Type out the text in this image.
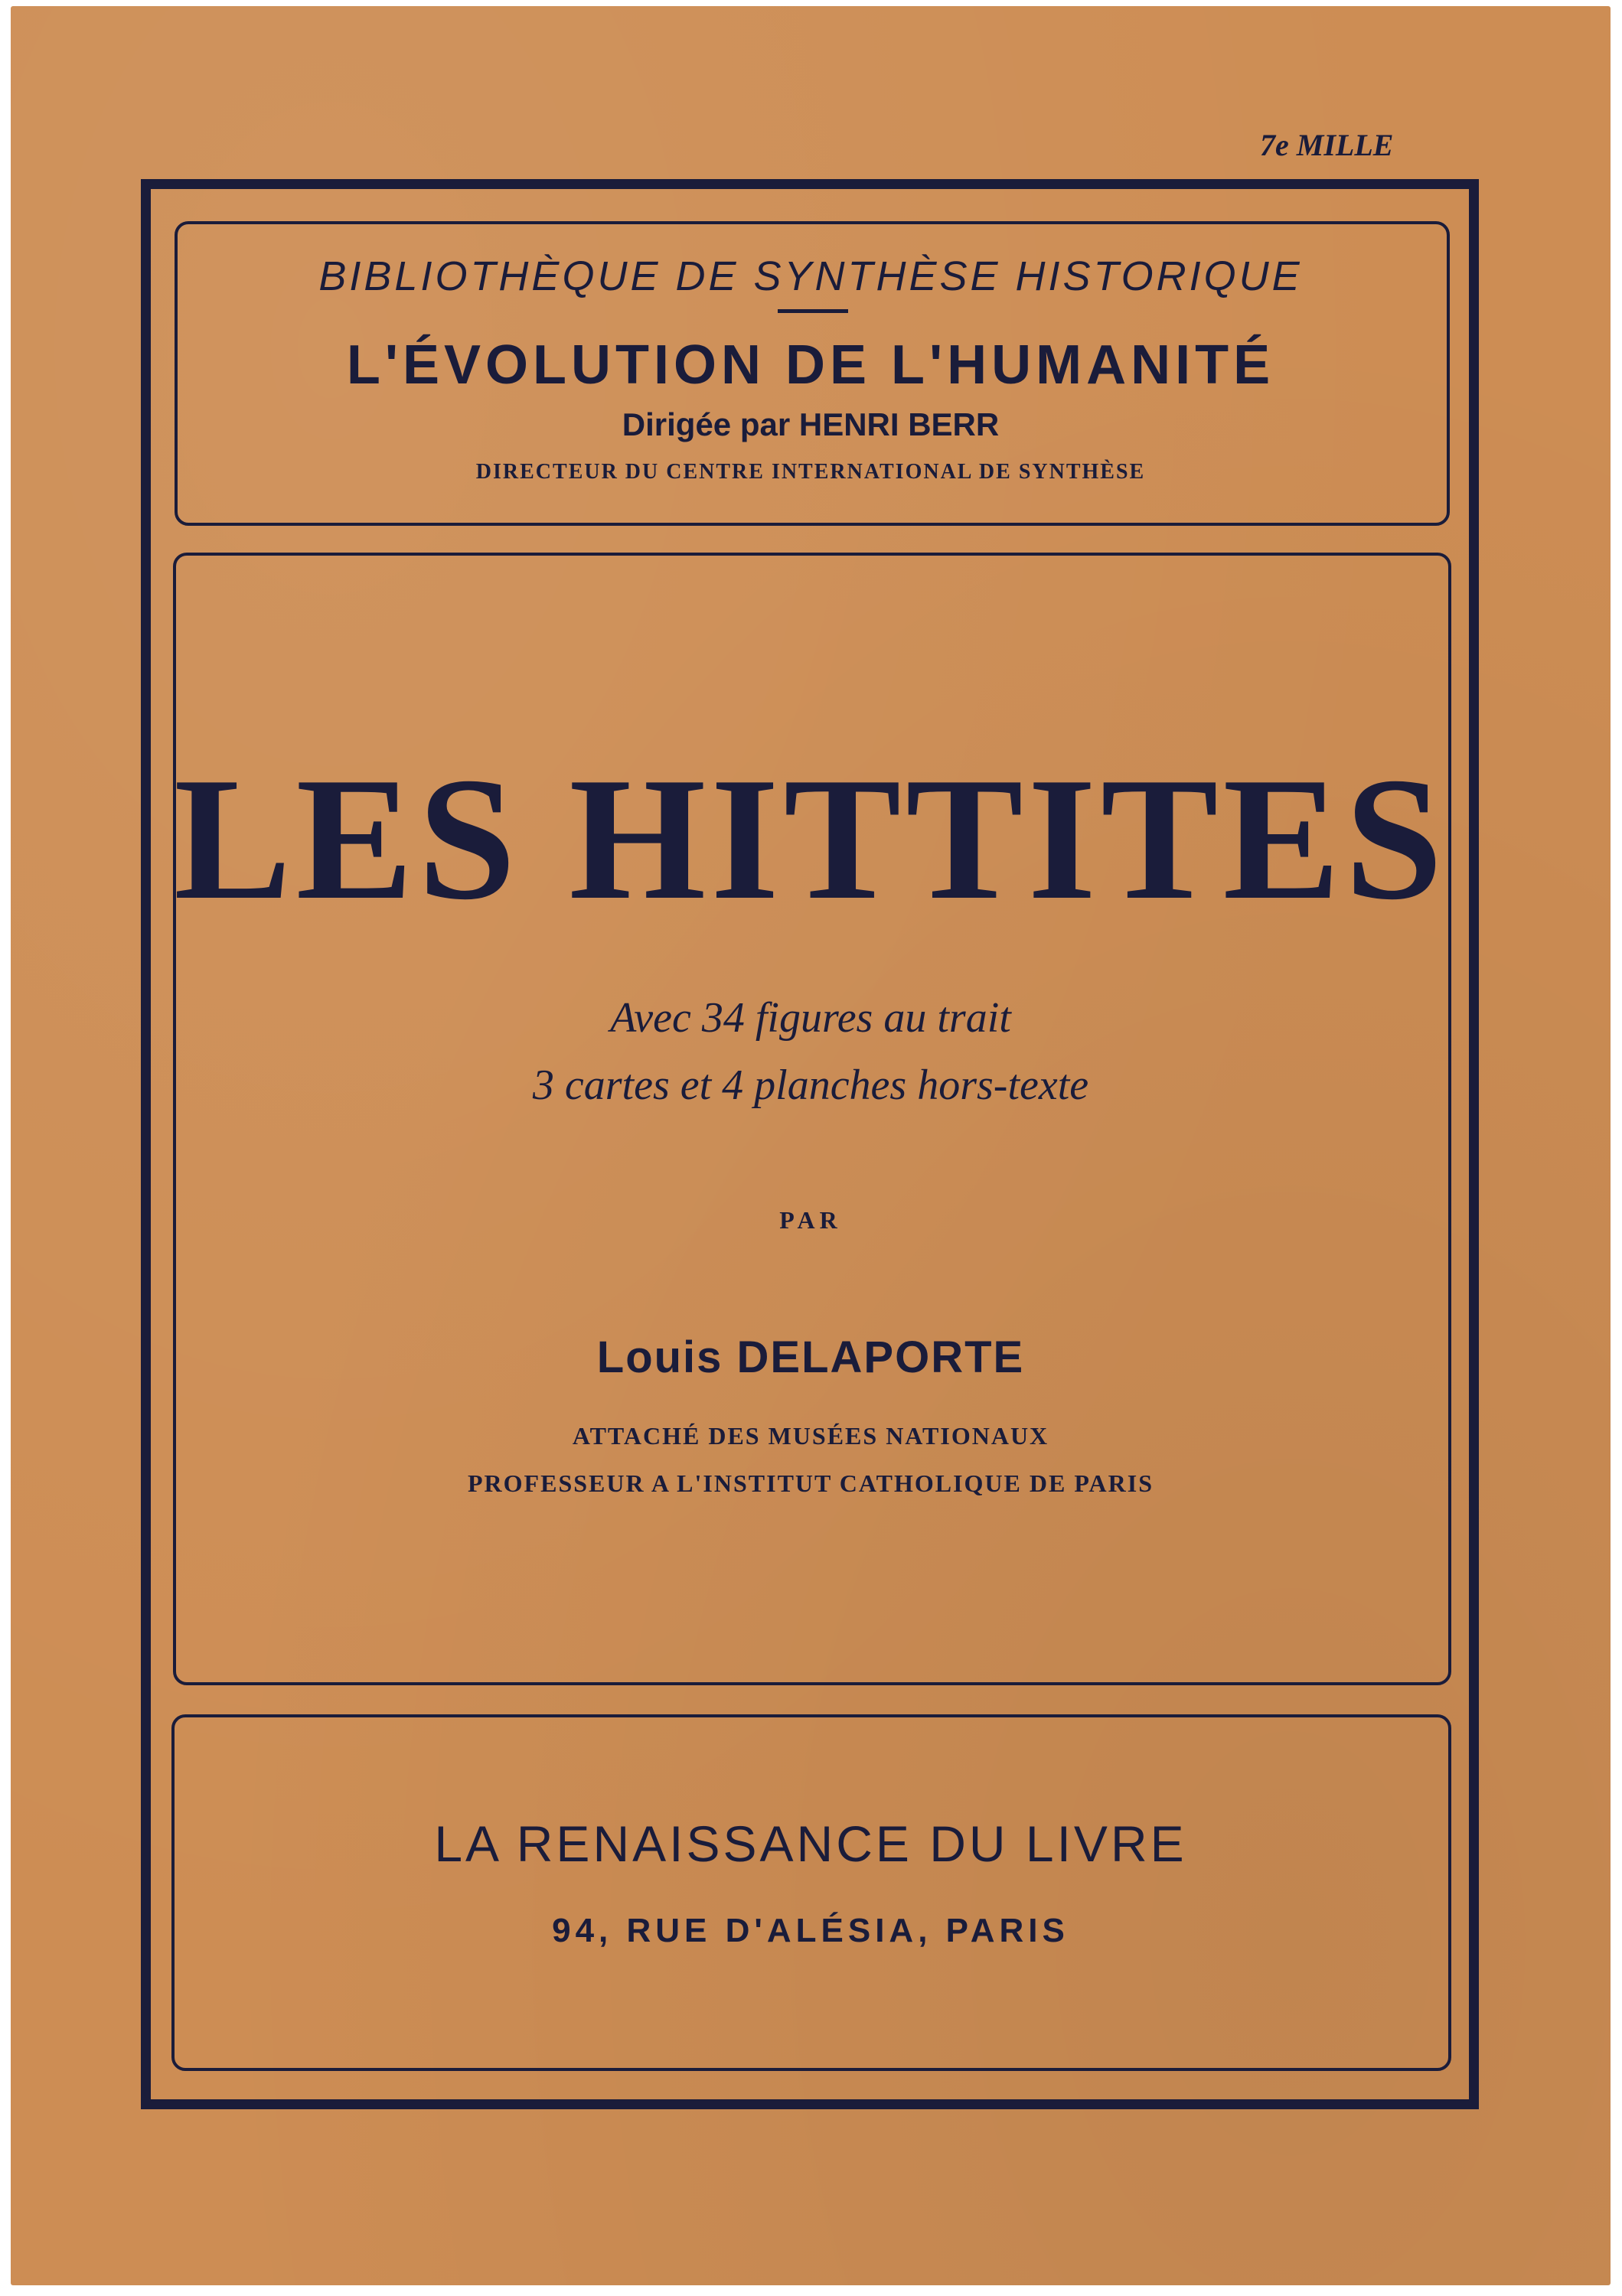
7e MILLE
BIBLIOTHÈQUE DE SYNTHÈSE HISTORIQUE
L'ÉVOLUTION DE L'HUMANITÉ
Dirigée par HENRI BERR
DIRECTEUR DU CENTRE INTERNATIONAL DE SYNTHÈSE
LES HITTITES
Avec 34 figures au trait
3 cartes et 4 planches hors-texte
PAR
Louis DELAPORTE
ATTACHÉ DES MUSÉES NATIONAUX
PROFESSEUR A L'INSTITUT CATHOLIQUE DE PARIS
LA RENAISSANCE DU LIVRE
94, RUE D'ALÉSIA, PARIS
